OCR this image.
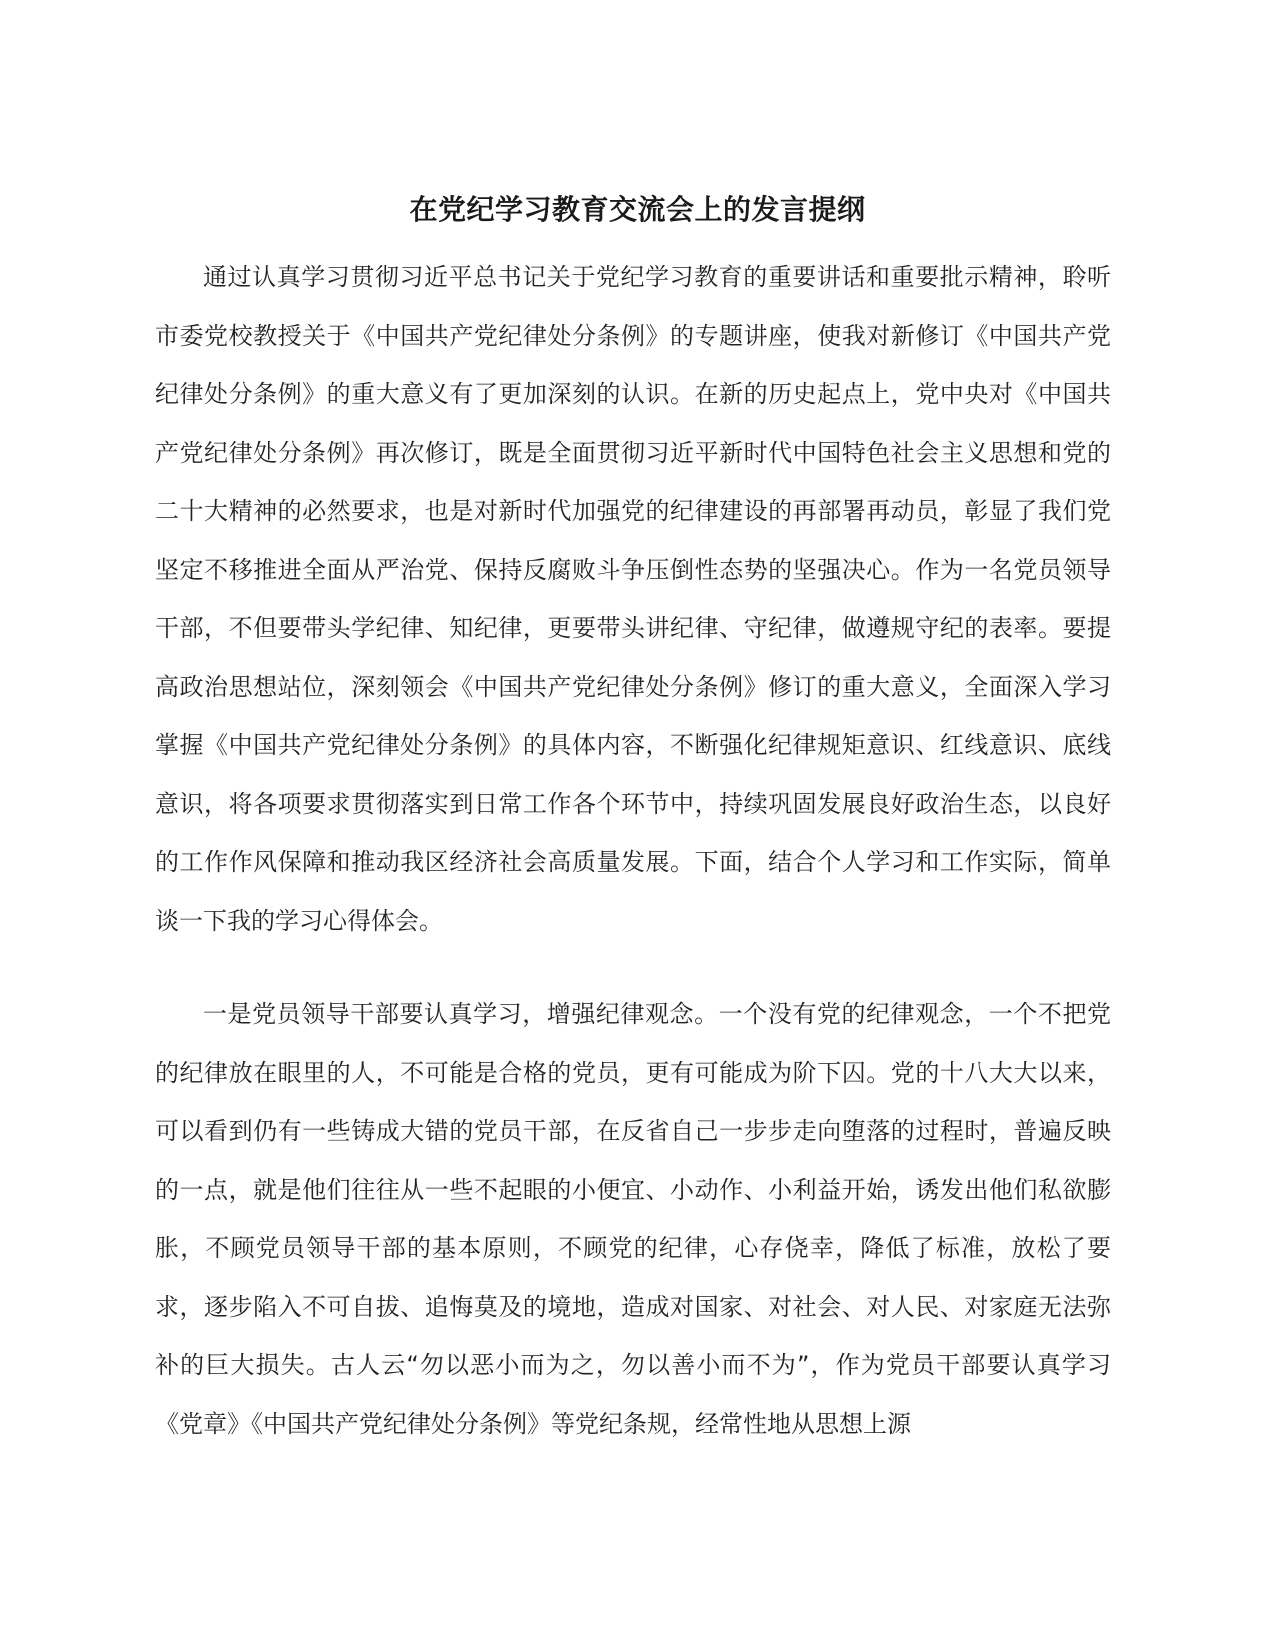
在党纪学习教育交流会上的发言提纲

通过认真学习贯彻习近平总书记关于党纪学习教育的重要讲话和重要批示精神，聆听市委党校教授关于《中国共产党纪律处分条例》的专题讲座，使我对新修订《中国共产党纪律处分条例》的重大意义有了更加深刻的认识。在新的历史起点上，党中央对《中国共产党纪律处分条例》再次修订，既是全面贯彻习近平新时代中国特色社会主义思想和党的二十大精神的必然要求，也是对新时代加强党的纪律建设的再部署再动员，彰显了我们党坚定不移推进全面从严治党、保持反腐败斗争压倒性态势的坚强决心。作为一名党员领导干部，不但要带头学纪律、知纪律，更要带头讲纪律、守纪律，做遵规守纪的表率。要提高政治思想站位，深刻领会《中国共产党纪律处分条例》修订的重大意义，全面深入学习掌握《中国共产党纪律处分条例》的具体内容，不断强化纪律规矩意识、红线意识、底线意识，将各项要求贯彻落实到日常工作各个环节中，持续巩固发展良好政治生态，以良好的工作作风保障和推动我区经济社会高质量发展。下面，结合个人学习和工作实际，简单谈一下我的学习心得体会。

一是党员领导干部要认真学习，增强纪律观念。一个没有党的纪律观念，一个不把党的纪律放在眼里的人，不可能是合格的党员，更有可能成为阶下囚。党的十八大大以来，可以看到仍有一些铸成大错的党员干部，在反省自己一步步走向堕落的过程时，普遍反映的一点，就是他们往往从一些不起眼的小便宜、小动作、小利益开始，诱发出他们私欲膨胀，不顾党员领导干部的基本原则，不顾党的纪律，心存侥幸，降低了标准，放松了要求，逐步陷入不可自拔、追悔莫及的境地，造成对国家、对社会、对人民、对家庭无法弥补的巨大损失。古人云“勿以恶小而为之，勿以善小而不为”，作为党员干部要认真学习《党章》《中国共产党纪律处分条例》等党纪条规，经常性地从思想上源
